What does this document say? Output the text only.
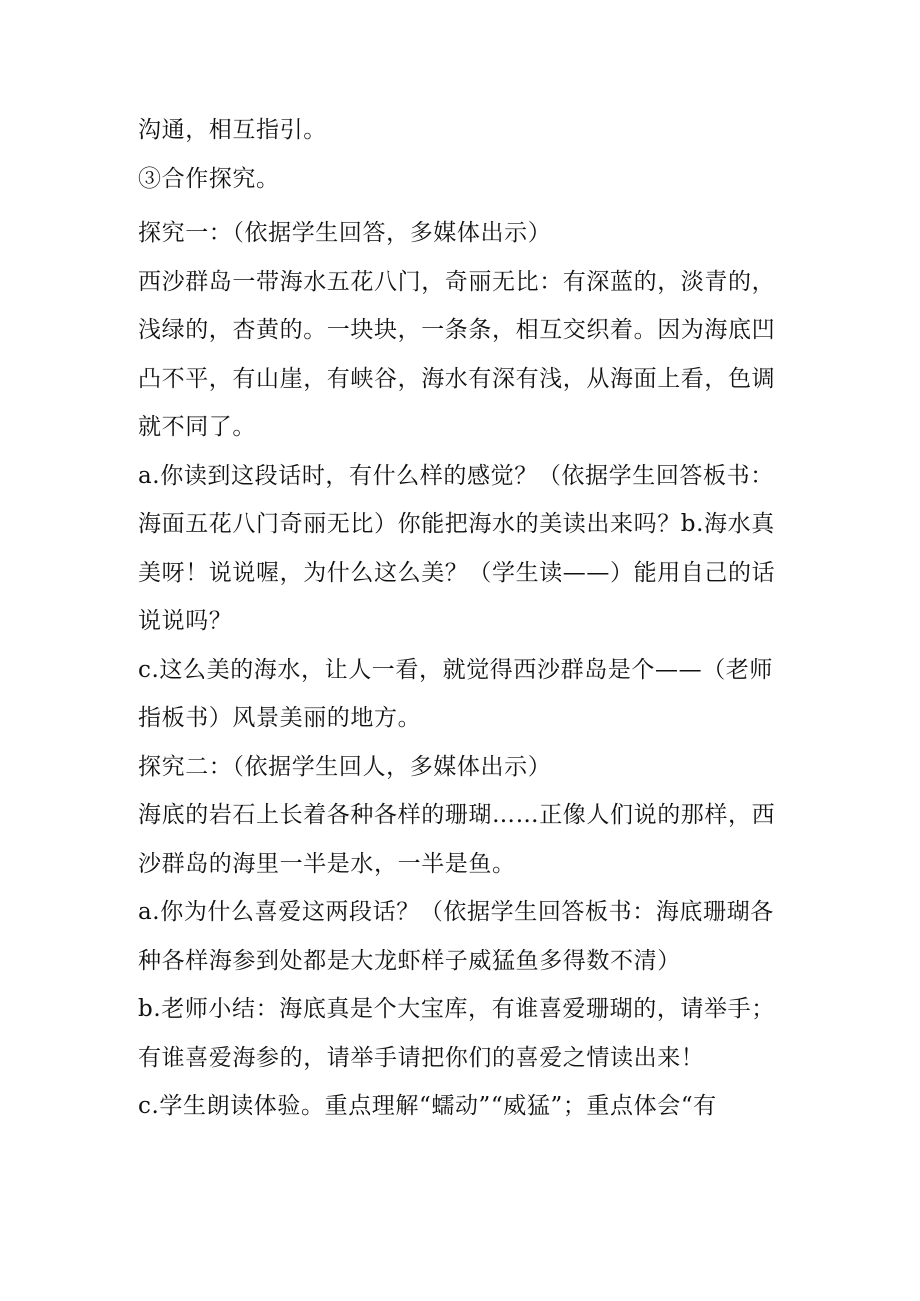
沟通，相互指引。

③合作探究。

探究一：（依据学生回答，多媒体出示）

西沙群岛一带海水五花八门，奇丽无比：有深蓝的，淡青的，浅绿的，杏黄的。一块块，一条条，相互交织着。因为海底凹凸不平，有山崖，有峡谷，海水有深有浅，从海面上看，色调就不同了。

a.你读到这段话时，有什么样的感觉？（依据学生回答板书：海面五花八门奇丽无比）你能把海水的美读出来吗？b.海水真美呀！说说喔，为什么这么美？（学生读——）能用自己的话说说吗？

c.这么美的海水，让人一看，就觉得西沙群岛是个——（老师指板书）风景美丽的地方。

探究二：（依据学生回人，多媒体出示）

海底的岩石上长着各种各样的珊瑚……正像人们说的那样，西沙群岛的海里一半是水，一半是鱼。

a.你为什么喜爱这两段话？（依据学生回答板书：海底珊瑚各种各样海参到处都是大龙虾样子威猛鱼多得数不清）

b.老师小结：海底真是个大宝库，有谁喜爱珊瑚的，请举手；有谁喜爱海参的，请举手请把你们的喜爱之情读出来！

c.学生朗读体验。重点理解“蠕动”“威猛”；重点体会“有
